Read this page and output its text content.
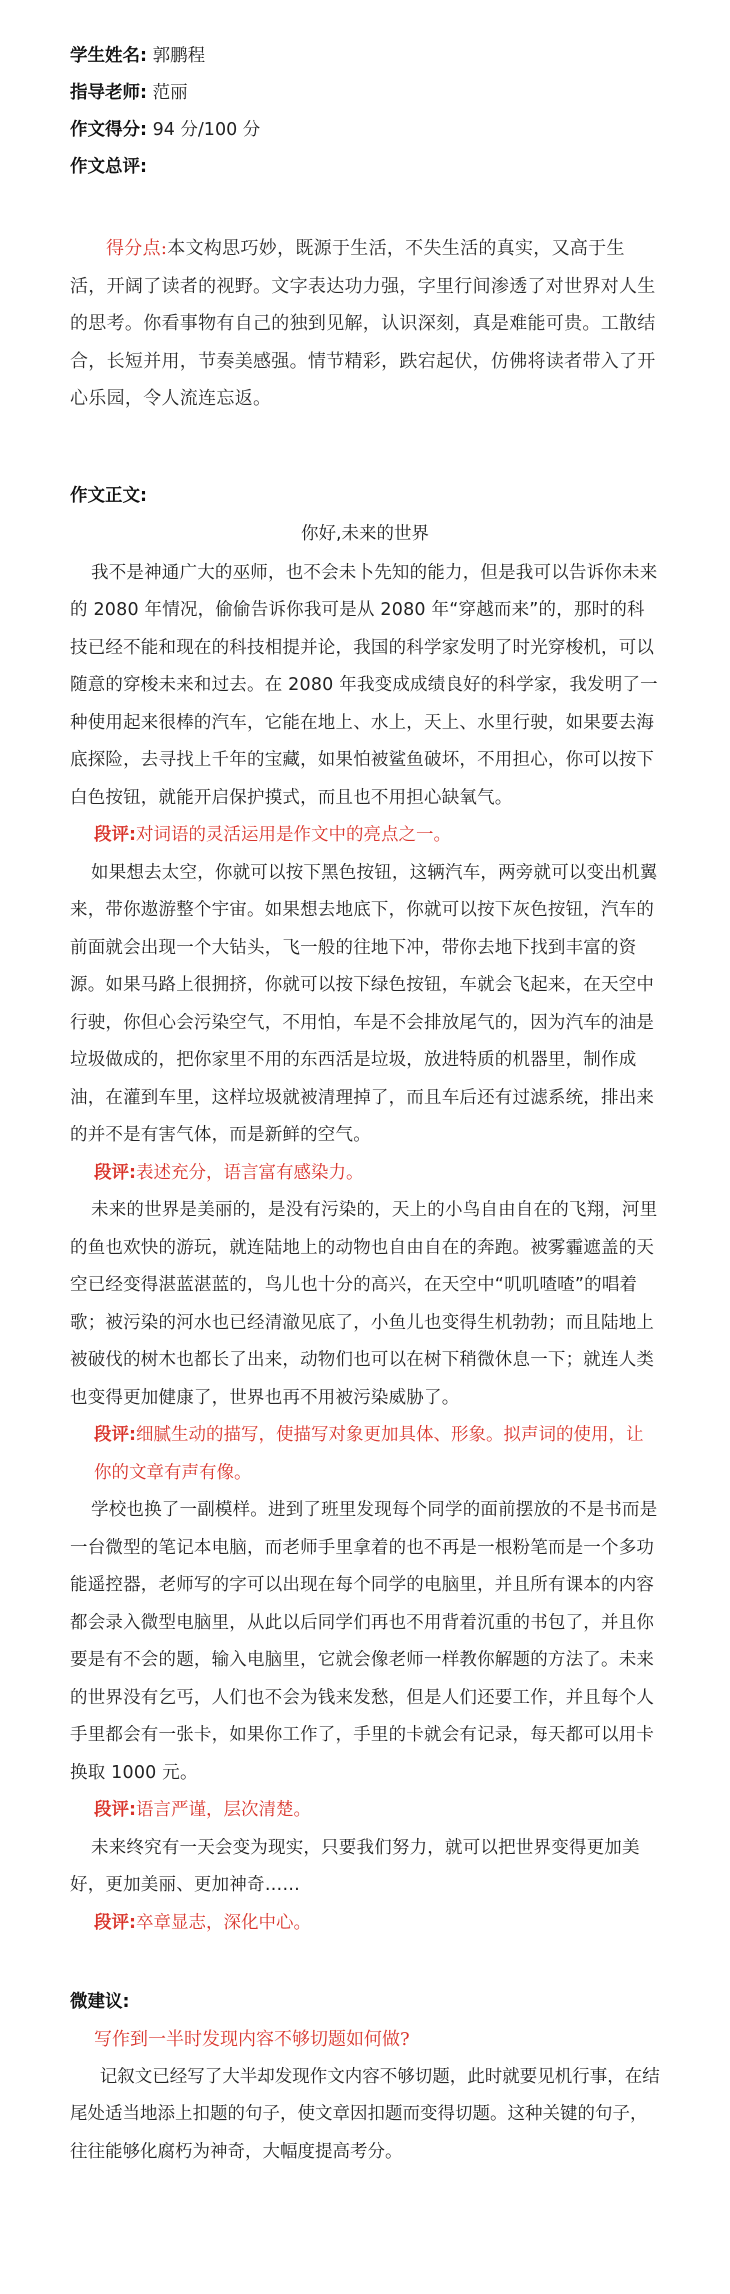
学生姓名: 郭鹏程
指导老师: 范丽
作文得分: 94 分/100 分
作文总评:
得分点:本文构思巧妙，既源于生活，不失生活的真实，又高于生活，开阔了读者的视野。文字表达功力强，字里行间渗透了对世界对人生的思考。你看事物有自己的独到见解，认识深刻，真是难能可贵。工散结合，长短并用，节奏美感强。情节精彩，跌宕起伏，仿佛将读者带入了开心乐园，令人流连忘返。
作文正文:
你好,未来的世界
我不是神通广大的巫师，也不会未卜先知的能力，但是我可以告诉你未来的 2080 年情况，偷偷告诉你我可是从 2080 年“穿越而来”的，那时的科技已经不能和现在的科技相提并论，我国的科学家发明了时光穿梭机，可以随意的穿梭未来和过去。在 2080 年我变成成绩良好的科学家，我发明了一种使用起来很棒的汽车，它能在地上、水上，天上、水里行驶，如果要去海底探险，去寻找上千年的宝藏，如果怕被鲨鱼破坏，不用担心，你可以按下白色按钮，就能开启保护摸式，而且也不用担心缺氧气。
段评:对词语的灵活运用是作文中的亮点之一。
如果想去太空，你就可以按下黑色按钮，这辆汽车，两旁就可以变出机翼来，带你遨游整个宇宙。如果想去地底下，你就可以按下灰色按钮，汽车的前面就会出现一个大钻头，飞一般的往地下冲，带你去地下找到丰富的资源。如果马路上很拥挤，你就可以按下绿色按钮，车就会飞起来，在天空中行驶，你但心会污染空气，不用怕，车是不会排放尾气的，因为汽车的油是垃圾做成的，把你家里不用的东西活是垃圾，放进特质的机器里，制作成油，在灌到车里，这样垃圾就被清理掉了，而且车后还有过滤系统，排出来的并不是有害气体，而是新鲜的空气。
段评:表述充分，语言富有感染力。
未来的世界是美丽的，是没有污染的，天上的小鸟自由自在的飞翔，河里的鱼也欢快的游玩，就连陆地上的动物也自由自在的奔跑。被雾霾遮盖的天空已经变得湛蓝湛蓝的，鸟儿也十分的高兴，在天空中“叽叽喳喳”的唱着歌；被污染的河水也已经清澈见底了，小鱼儿也变得生机勃勃；而且陆地上被破伐的树木也都长了出来，动物们也可以在树下稍微休息一下；就连人类也变得更加健康了，世界也再不用被污染威胁了。
段评:细腻生动的描写，使描写对象更加具体、形象。拟声词的使用，让你的文章有声有像。
学校也换了一副模样。进到了班里发现每个同学的面前摆放的不是书而是一台微型的笔记本电脑，而老师手里拿着的也不再是一根粉笔而是一个多功能遥控器，老师写的字可以出现在每个同学的电脑里，并且所有课本的内容都会录入微型电脑里，从此以后同学们再也不用背着沉重的书包了，并且你要是有不会的题，输入电脑里，它就会像老师一样教你解题的方法了。未来的世界没有乞丐，人们也不会为钱来发愁，但是人们还要工作，并且每个人手里都会有一张卡，如果你工作了，手里的卡就会有记录，每天都可以用卡换取 1000 元。
段评:语言严谨，层次清楚。
未来终究有一天会变为现实，只要我们努力，就可以把世界变得更加美好，更加美丽、更加神奇……
段评:卒章显志，深化中心。
微建议:
写作到一半时发现内容不够切题如何做?
记叙文已经写了大半却发现作文内容不够切题，此时就要见机行事，在结尾处适当地添上扣题的句子，使文章因扣题而变得切题。这种关键的句子，往往能够化腐朽为神奇，大幅度提高考分。
